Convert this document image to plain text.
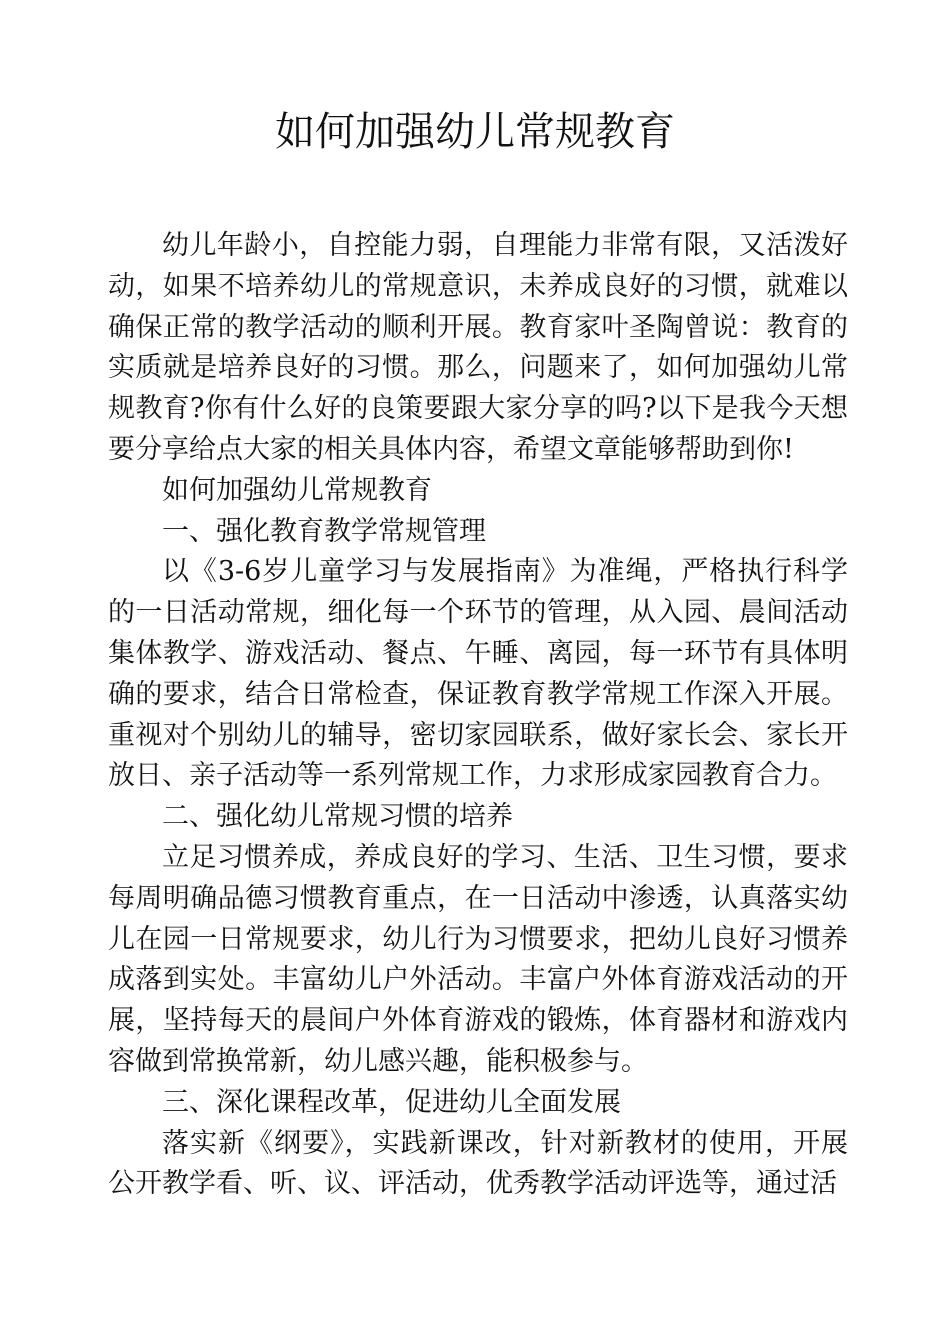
如何加强幼儿常规教育

幼儿年龄小，自控能力弱，自理能力非常有限，又活泼好动，如果不培养幼儿的常规意识，未养成良好的习惯，就难以确保正常的教学活动的顺利开展。教育家叶圣陶曾说：教育的实质就是培养良好的习惯。那么，问题来了，如何加强幼儿常规教育?你有什么好的良策要跟大家分享的吗?以下是我今天想要分享给点大家的相关具体内容，希望文章能够帮助到你!

如何加强幼儿常规教育

一、强化教育教学常规管理

以《3-6岁儿童学习与发展指南》为准绳，严格执行科学的一日活动常规，细化每一个环节的管理，从入园、晨间活动集体教学、游戏活动、餐点、午睡、离园，每一环节有具体明确的要求，结合日常检查，保证教育教学常规工作深入开展。重视对个别幼儿的辅导，密切家园联系，做好家长会、家长开放日、亲子活动等一系列常规工作，力求形成家园教育合力。

二、强化幼儿常规习惯的培养

立足习惯养成，养成良好的学习、生活、卫生习惯，要求每周明确品德习惯教育重点，在一日活动中渗透，认真落实幼儿在园一日常规要求，幼儿行为习惯要求，把幼儿良好习惯养成落到实处。丰富幼儿户外活动。丰富户外体育游戏活动的开展，坚持每天的晨间户外体育游戏的锻炼，体育器材和游戏内容做到常换常新，幼儿感兴趣，能积极参与。

三、深化课程改革，促进幼儿全面发展

落实新《纲要》，实践新课改，针对新教材的使用，开展公开教学看、听、议、评活动，优秀教学活动评选等，通过活
